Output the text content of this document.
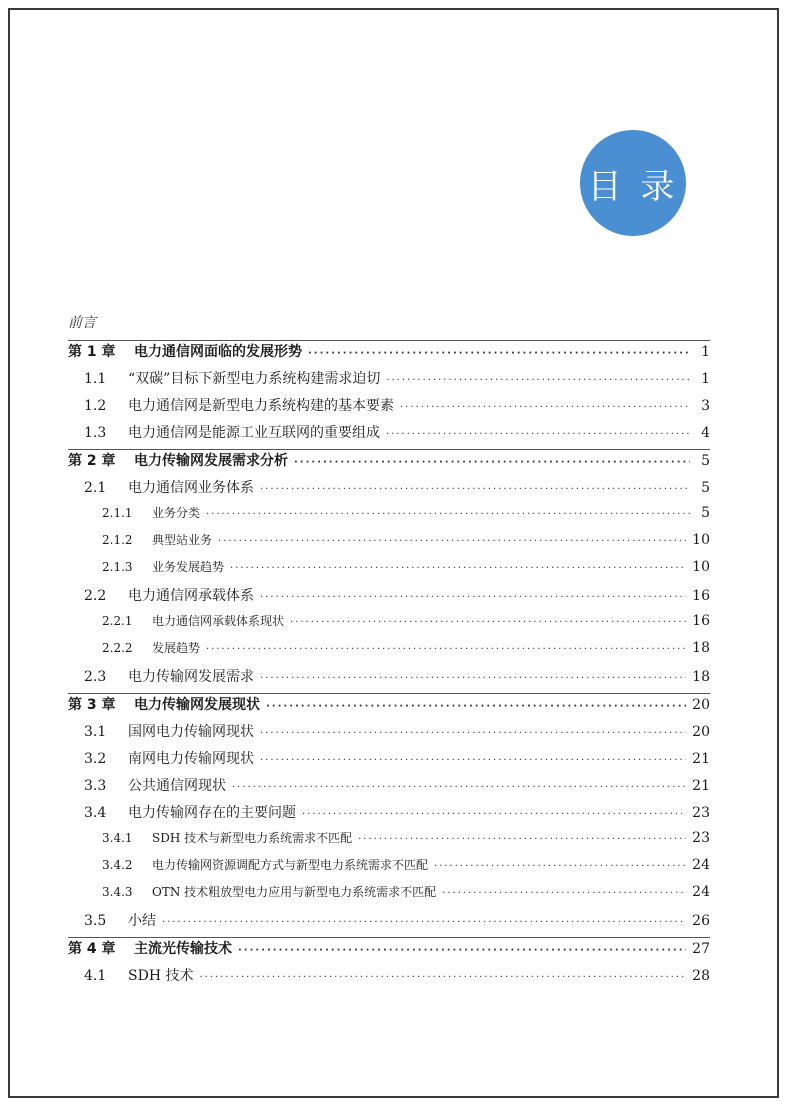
目 录
前言
第 1 章	电力通信网面临的发展形势 ·····	1
1.1	“双碳”目标下新型电力系统构建需求迫切 ·····	1
1.2	电力通信网是新型电力系统构建的基本要素 ·····	3
1.3	电力通信网是能源工业互联网的重要组成 ·····	4
第 2 章	电力传输网发展需求分析 ·····	5
2.1	电力通信网业务体系 ·····	5
2.1.1	业务分类 ·····	5
2.1.2	典型站业务 ·····	10
2.1.3	业务发展趋势 ·····	10
2.2	电力通信网承载体系 ·····	16
2.2.1	电力通信网承载体系现状 ·····	16
2.2.2	发展趋势 ·····	18
2.3	电力传输网发展需求 ·····	18
第 3 章	电力传输网发展现状 ·····	20
3.1	国网电力传输网现状 ·····	20
3.2	南网电力传输网现状 ·····	21
3.3	公共通信网现状 ·····	21
3.4	电力传输网存在的主要问题 ·····	23
3.4.1	SDH 技术与新型电力系统需求不匹配 ·····	23
3.4.2	电力传输网资源调配方式与新型电力系统需求不匹配 ·····	24
3.4.3	OTN 技术粗放型电力应用与新型电力系统需求不匹配 ·····	24
3.5	小结 ·····	26
第 4 章	主流光传输技术 ·····	27
4.1	SDH 技术 ·····	28
